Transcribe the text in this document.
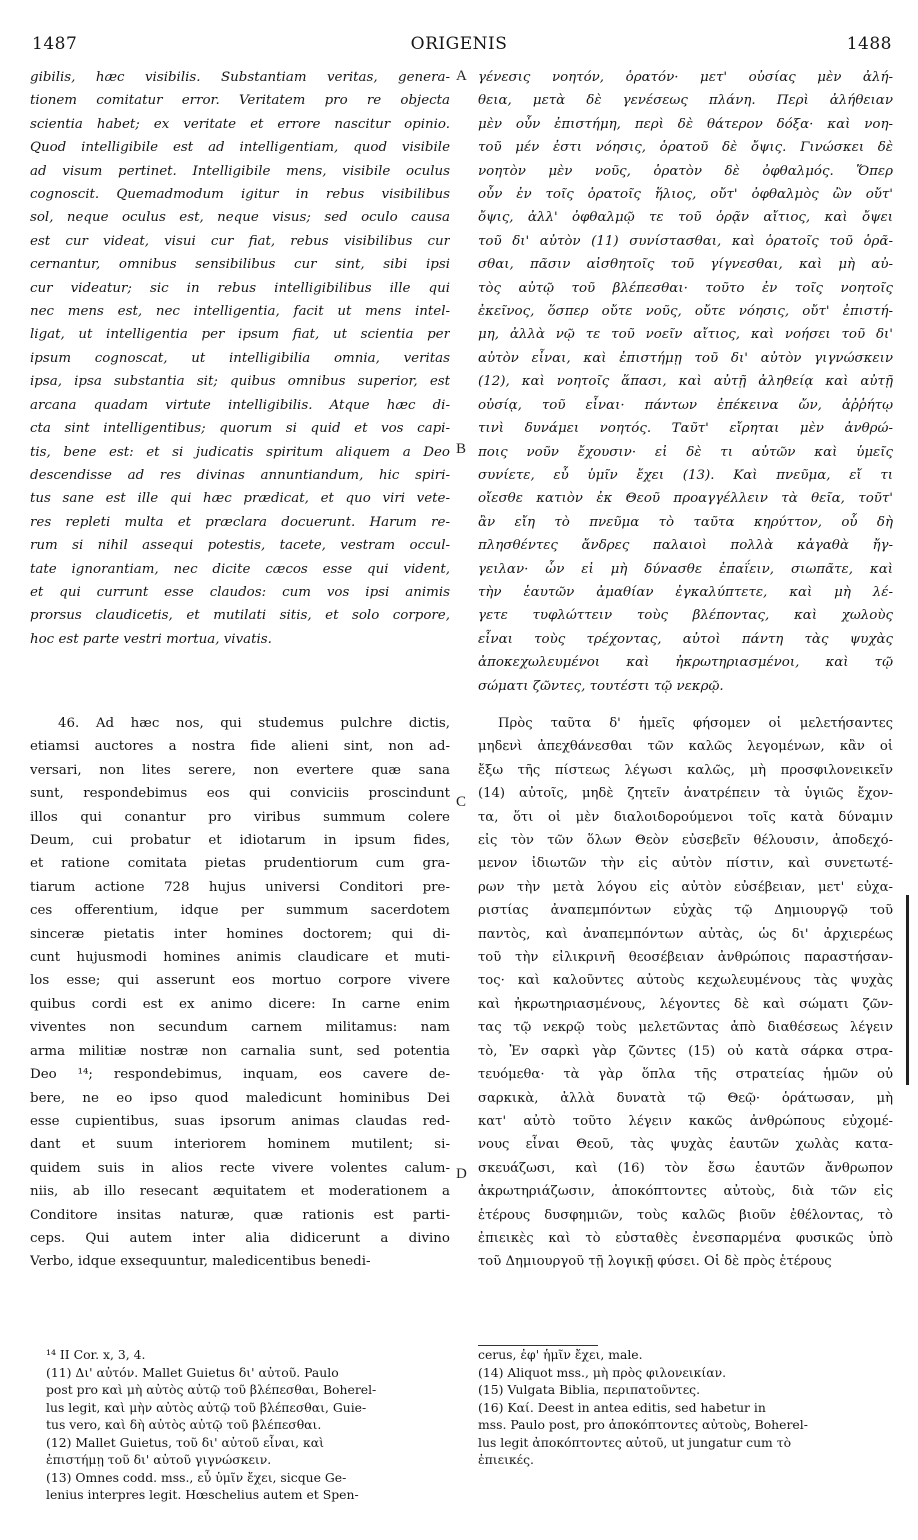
1487	ORIGENIS	1488
A
B
C
D
gibilis, hæc visibilis. Substantiam veritas, genera-
tionem comitatur error. Veritatem pro re objecta
scientia habet; ex veritate et errore nascitur opinio.
Quod intelligibile est ad intelligentiam, quod visibile
ad visum pertinet. Intelligibile mens, visibile oculus
cognoscit. Quemadmodum igitur in rebus visibilibus
sol, neque oculus est, neque visus; sed oculo causa
est cur videat, visui cur fiat, rebus visibilibus cur
cernantur, omnibus sensibilibus cur sint, sibi ipsi
cur videatur; sic in rebus intelligibilibus ille qui
nec mens est, nec intelligentia, facit ut mens intel-
ligat, ut intelligentia per ipsum fiat, ut scientia per
ipsum cognoscat, ut intelligibilia omnia, veritas
ipsa, ipsa substantia sit; quibus omnibus superior, est
arcana quadam virtute intelligibilis. Atque hæc di-
cta sint intelligentibus; quorum si quid et vos capi-
tis, bene est: et si judicatis spiritum aliquem a Deo
descendisse ad res divinas annuntiandum, hic spiri-
tus sane est ille qui hæc prædicat, et quo viri vete-
res repleti multa et præclara docuerunt. Harum re-
rum si nihil assequi potestis, tacete, vestram occul-
tate ignorantiam, nec dicite cæcos esse qui vident,
et qui currunt esse claudos: cum vos ipsi animis
prorsus claudicetis, et mutilati sitis, et solo corpore,
hoc est parte vestri mortua, vivatis.
γένεσις νοητόν, ὁρατόν· μετ' οὐσίας μὲν ἀλή-
θεια, μετὰ δὲ γενέσεως πλάνη. Περὶ ἀλήθειαν
μὲν οὖν ἐπιστήμη, περὶ δὲ θάτερον δόξα· καὶ νοη-
τοῦ μέν ἐστι νόησις, ὁρατοῦ δὲ ὄψις. Γινώσκει δὲ
νοητὸν μὲν νοῦς, ὁρατὸν δὲ ὀφθαλμός. Ὅπερ
οὖν ἐν τοῖς ὁρατοῖς ἥλιος, οὔτ' ὀφθαλμὸς ὢν οὔτ'
ὄψις, ἀλλ' ὀφθαλμῷ τε τοῦ ὁρᾷν αἴτιος, καὶ ὄψει
τοῦ δι' αὐτὸν (11) συνίστασθαι, καὶ ὁρατοῖς τοῦ ὁρᾶ-
σθαι, πᾶσιν αἰσθητοῖς τοῦ γίγνεσθαι, καὶ μὴ αὐ-
τὸς αὐτῷ τοῦ βλέπεσθαι· τοῦτο ἐν τοῖς νοητοῖς
ἐκεῖνος, ὅσπερ οὔτε νοῦς, οὔτε νόησις, οὔτ' ἐπιστή-
μη, ἀλλὰ νῷ τε τοῦ νοεῖν αἴτιος, καὶ νοήσει τοῦ δι'
αὐτὸν εἶναι, καὶ ἐπιστήμῃ τοῦ δι' αὐτὸν γιγνώσκειν
(12), καὶ νοητοῖς ἅπασι, καὶ αὐτῇ ἀληθείᾳ καὶ αὐτῇ
οὐσίᾳ, τοῦ εἶναι· πάντων ἐπέκεινα ὤν, ἀῤῥήτῳ
τινὶ δυνάμει νοητός. Ταῦτ' εἴρηται μὲν ἀνθρώ-
ποις νοῦν ἔχουσιν· εἰ δὲ τι αὐτῶν καὶ ὑμεῖς
συνίετε, εὖ ὑμῖν ἔχει (13). Καὶ πνεῦμα, εἴ τι
οἴεσθε κατιὸν ἐκ Θεοῦ προαγγέλλειν τὰ θεῖα, τοῦτ'
ἂν εἴη τὸ πνεῦμα τὸ ταῦτα κηρύττον, οὗ δὴ
πλησθέντες ἄνδρες παλαιοὶ πολλὰ κἀγαθὰ ἤγ-
γειλαν· ὧν εἰ μὴ δύνασθε ἐπαΐειν, σιωπᾶτε, καὶ
τὴν ἑαυτῶν ἀμαθίαν ἐγκαλύπτετε, καὶ μὴ λέ-
γετε τυφλώττειν τοὺς βλέποντας, καὶ χωλοὺς
εἶναι τοὺς τρέχοντας, αὐτοὶ πάντη τὰς ψυχὰς
ἀποκεχωλευμένοι καὶ ἠκρωτηριασμένοι, καὶ τῷ
σώματι ζῶντες, τουτέστι τῷ νεκρῷ.
46. Ad hæc nos, qui studemus pulchre dictis,
etiamsi auctores a nostra fide alieni sint, non ad-
versari, non lites serere, non evertere quæ sana
sunt, respondebimus eos qui conviciis proscindunt
illos qui conantur pro viribus summum colere
Deum, cui probatur et idiotarum in ipsum fides,
et ratione comitata pietas prudentiorum cum gra-
tiarum actione 728 hujus universi Conditori pre-
ces offerentium, idque per summum sacerdotem
sinceræ pietatis inter homines doctorem; qui di-
cunt hujusmodi homines animis claudicare et muti-
los esse; qui asserunt eos mortuo corpore vivere
quibus cordi est ex animo dicere: In carne enim
viventes non secundum carnem militamus: nam
arma militiæ nostræ non carnalia sunt, sed potentia
Deo ¹⁴; respondebimus, inquam, eos cavere de-
bere, ne eo ipso quod maledicunt hominibus Dei
esse cupientibus, suas ipsorum animas claudas red-
dant et suum interiorem hominem mutilent; si-
quidem suis in alios recte vivere volentes calum-
niis, ab illo resecant æquitatem et moderationem a
Conditore insitas naturæ, quæ rationis est parti-
ceps. Qui autem inter alia didicerunt a divino
Verbo, idque exsequuntur, maledicentibus benedi-
Πρὸς ταῦτα δ' ἡμεῖς φήσομεν οἱ μελετήσαντες
μηδενὶ ἀπεχθάνεσθαι τῶν καλῶς λεγομένων, κἂν οἱ
ἔξω τῆς πίστεως λέγωσι καλῶς, μὴ προσφιλονεικεῖν
(14) αὐτοῖς, μηδὲ ζητεῖν ἀνατρέπειν τὰ ὑγιῶς ἔχον-
τα, ὅτι οἱ μὲν διαλοιδορούμενοι τοῖς κατὰ δύναμιν
εἰς τὸν τῶν ὅλων Θεὸν εὐσεβεῖν θέλουσιν, ἀποδεχό-
μενον ἰδιωτῶν τὴν εἰς αὐτὸν πίστιν, καὶ συνετωτέ-
ρων τὴν μετὰ λόγου εἰς αὐτὸν εὐσέβειαν, μετ' εὐχα-
ριστίας ἀναπεμπόντων εὐχὰς τῷ Δημιουργῷ τοῦ
παντὸς, καὶ ἀναπεμπόντων αὐτὰς, ὡς δι' ἀρχιερέως
τοῦ τὴν εἰλικρινῆ θεοσέβειαν ἀνθρώποις παραστήσαν-
τος· καὶ καλοῦντες αὐτοὺς κεχωλευμένους τὰς ψυχὰς
καὶ ἠκρωτηριασμένους, λέγοντες δὲ καὶ σώματι ζῶν-
τας τῷ νεκρῷ τοὺς μελετῶντας ἀπὸ διαθέσεως λέγειν
τὸ, Ἐν σαρκὶ γὰρ ζῶντες (15) οὐ κατὰ σάρκα στρα-
τευόμεθα· τὰ γὰρ ὅπλα τῆς στρατείας ἡμῶν οὐ
σαρκικὰ, ἀλλὰ δυνατὰ τῷ Θεῷ· ὁράτωσαν, μὴ
κατ' αὐτὸ τοῦτο λέγειν κακῶς ἀνθρώπους εὐχομέ-
νους εἶναι Θεοῦ, τὰς ψυχὰς ἑαυτῶν χωλὰς κατα-
σκευάζωσι, καὶ (16) τὸν ἔσω ἑαυτῶν ἄνθρωπον
ἀκρωτηριάζωσιν, ἀποκόπτοντες αὐτοὺς, διὰ τῶν εἰς
ἑτέρους δυσφημιῶν, τοὺς καλῶς βιοῦν ἐθέλοντας, τὸ
ἐπιεικὲς καὶ τὸ εὐσταθὲς ἐνεσπαρμένα φυσικῶς ὑπὸ
τοῦ Δημιουργοῦ τῇ λογικῇ φύσει. Οἱ δὲ πρὸς ἑτέρους
¹⁴ II Cor. x, 3, 4.
(11) Δι' αὐτόν. Mallet Guietus δι' αὐτοῦ. Paulo
post pro καὶ μὴ αὐτὸς αὐτῷ τοῦ βλέπεσθαι, Boherel-
lus legit, καὶ μὴν αὐτὸς αὐτῷ τοῦ βλέπεσθαι, Guie-
tus vero, καὶ δὴ αὐτὸς αὐτῷ τοῦ βλέπεσθαι.
(12) Mallet Guietus, τοῦ δι' αὐτοῦ εἶναι, καὶ
ἐπιστήμῃ τοῦ δι' αὐτοῦ γιγνώσκειν.
(13) Omnes codd. mss., εὖ ὑμῖν ἔχει, sicque Ge-
lenius interpres legit. Hœschelius autem et Spen-
cerus, ἐφ' ἡμῖν ἔχει, male.
(14) Aliquot mss., μὴ πρὸς φιλονεικίαν.
(15) Vulgata Biblia, περιπατοῦντες.
(16) Καί. Deest in antea editis, sed habetur in
mss. Paulo post, pro ἀποκόπτοντες αὐτοὺς, Boherel-
lus legit ἀποκόπτοντες αὐτοῦ, ut jungatur cum τὸ
ἐπιεικές.
